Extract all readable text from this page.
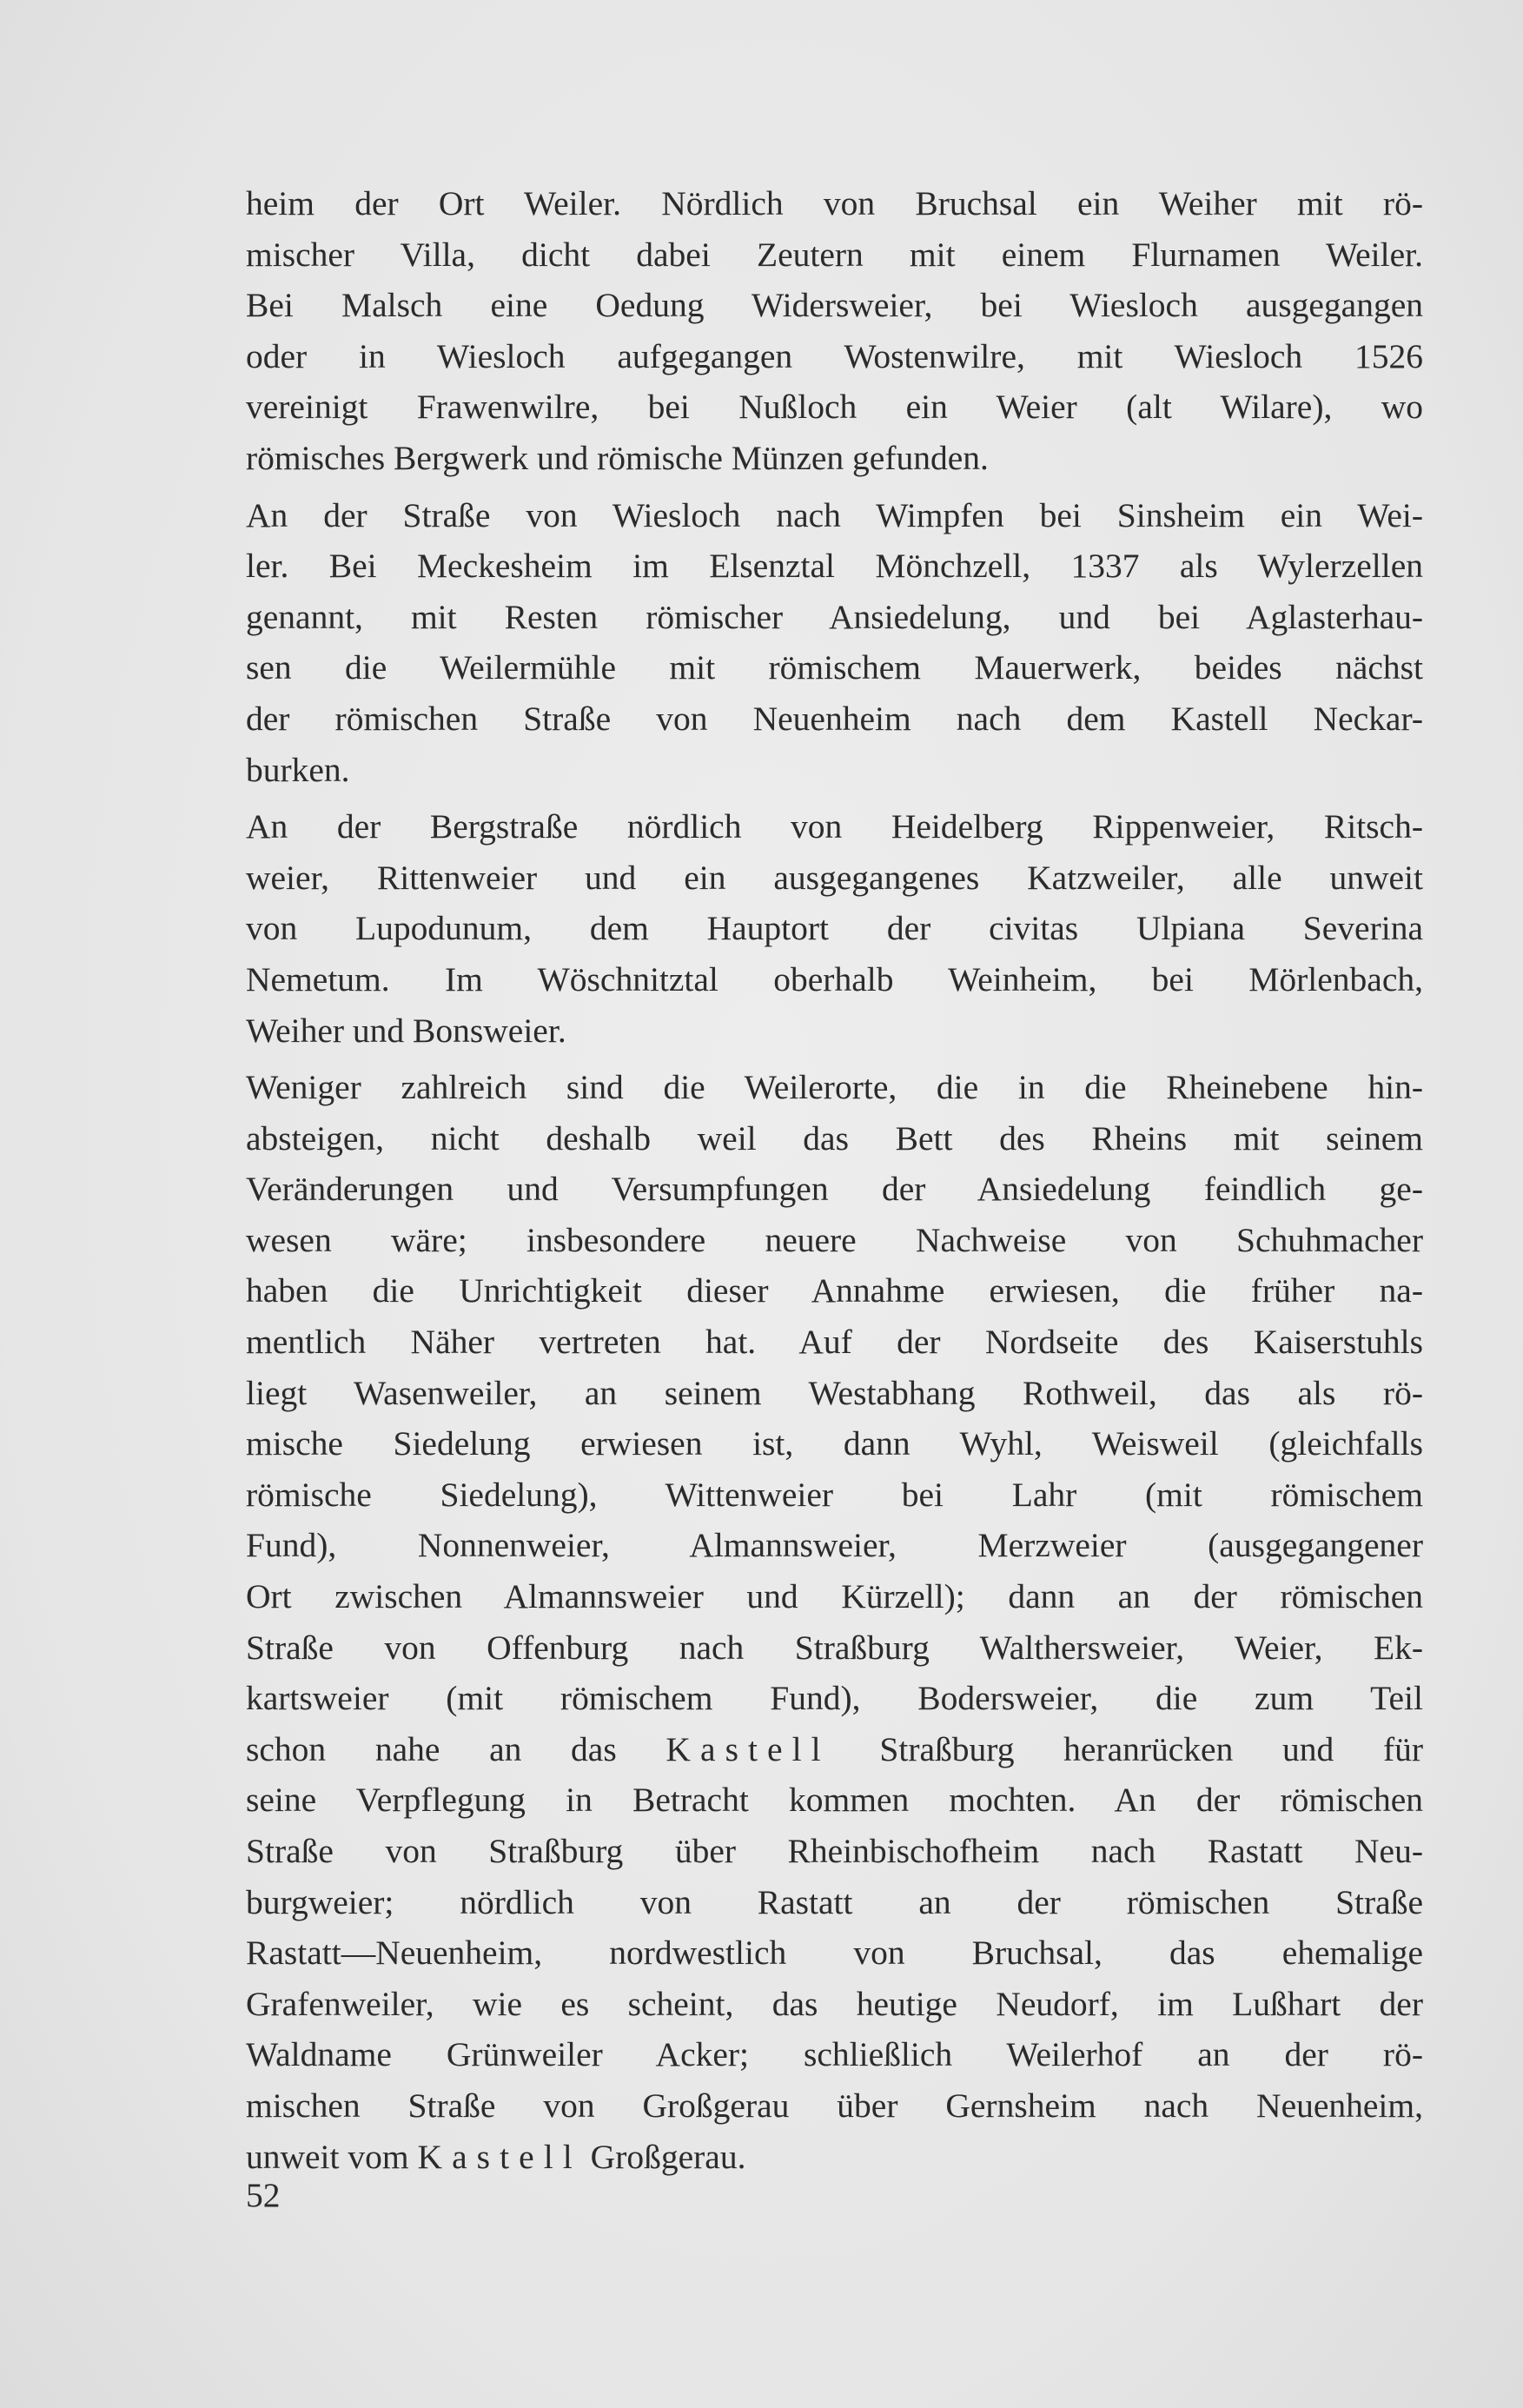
heim der Ort Weiler. Nördlich von Bruchsal ein Weiher mit rö-
mischer Villa, dicht dabei Zeutern mit einem Flurnamen Weiler.
Bei Malsch eine Oedung Widersweier, bei Wiesloch ausgegangen
oder in Wiesloch aufgegangen Wostenwilre, mit Wiesloch 1526
vereinigt Frawenwilre, bei Nußloch ein Weier (alt Wilare), wo
römisches Bergwerk und römische Münzen gefunden.
An der Straße von Wiesloch nach Wimpfen bei Sinsheim ein Wei-
ler. Bei Meckesheim im Elsenztal Mönchzell, 1337 als Wylerzellen
genannt, mit Resten römischer Ansiedelung, und bei Aglasterhau-
sen die Weilermühle mit römischem Mauerwerk, beides nächst
der römischen Straße von Neuenheim nach dem Kastell Neckar-
burken.
An der Bergstraße nördlich von Heidelberg Rippenweier, Ritsch-
weier, Rittenweier und ein ausgegangenes Katzweiler, alle unweit
von Lupodunum, dem Hauptort der civitas Ulpiana Severina
Nemetum. Im Wöschnitztal oberhalb Weinheim, bei Mörlenbach,
Weiher und Bonsweier.
Weniger zahlreich sind die Weilerorte, die in die Rheinebene hin-
absteigen, nicht deshalb weil das Bett des Rheins mit seinem
Veränderungen und Versumpfungen der Ansiedelung feindlich ge-
wesen wäre; insbesondere neuere Nachweise von Schuhmacher
haben die Unrichtigkeit dieser Annahme erwiesen, die früher na-
mentlich Näher vertreten hat. Auf der Nordseite des Kaiserstuhls
liegt Wasenweiler, an seinem Westabhang Rothweil, das als rö-
mische Siedelung erwiesen ist, dann Wyhl, Weisweil (gleichfalls
römische Siedelung), Wittenweier bei Lahr (mit römischem
Fund), Nonnenweier, Almannsweier, Merzweier (ausgegangener
Ort zwischen Almannsweier und Kürzell); dann an der römischen
Straße von Offenburg nach Straßburg Walthersweier, Weier, Ek-
kartsweier (mit römischem Fund), Bodersweier, die zum Teil
schon nahe an das Kastell Straßburg heranrücken und für
seine Verpflegung in Betracht kommen mochten. An der römischen
Straße von Straßburg über Rheinbischofheim nach Rastatt Neu-
burgweier; nördlich von Rastatt an der römischen Straße
Rastatt—Neuenheim, nordwestlich von Bruchsal, das ehemalige
Grafenweiler, wie es scheint, das heutige Neudorf, im Lußhart der
Waldname Grünweiler Acker; schließlich Weilerhof an der rö-
mischen Straße von Großgerau über Gernsheim nach Neuenheim,
unweit vom Kastell Großgerau.
52
